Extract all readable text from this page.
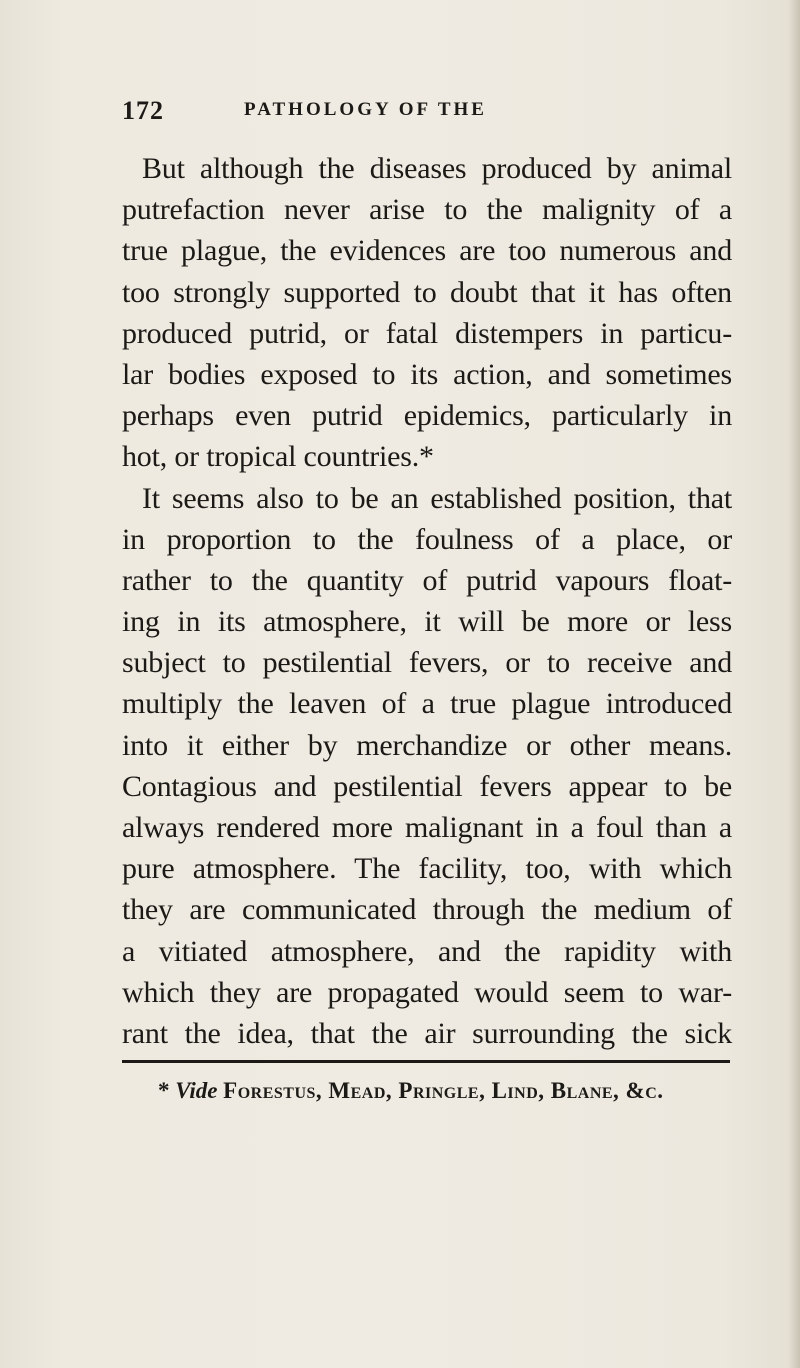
172	PATHOLOGY OF THE
But although the diseases produced by animal
putrefaction never arise to the malignity of a
true plague, the evidences are too numerous and
too strongly supported to doubt that it has often
produced putrid, or fatal distempers in particu-
lar bodies exposed to its action, and sometimes
perhaps even putrid epidemics, particularly in
hot, or tropical countries.*
It seems also to be an established position, that
in proportion to the foulness of a place, or
rather to the quantity of putrid vapours float-
ing in its atmosphere, it will be more or less
subject to pestilential fevers, or to receive and
multiply the leaven of a true plague introduced
into it either by merchandize or other means.
Contagious and pestilential fevers appear to be
always rendered more malignant in a foul than a
pure atmosphere. The facility, too, with which
they are communicated through the medium of
a vitiated atmosphere, and the rapidity with
which they are propagated would seem to war-
rant the idea, that the air surrounding the sick
* Vide Forestus, Mead, Pringle, Lind, Blane, &c.
